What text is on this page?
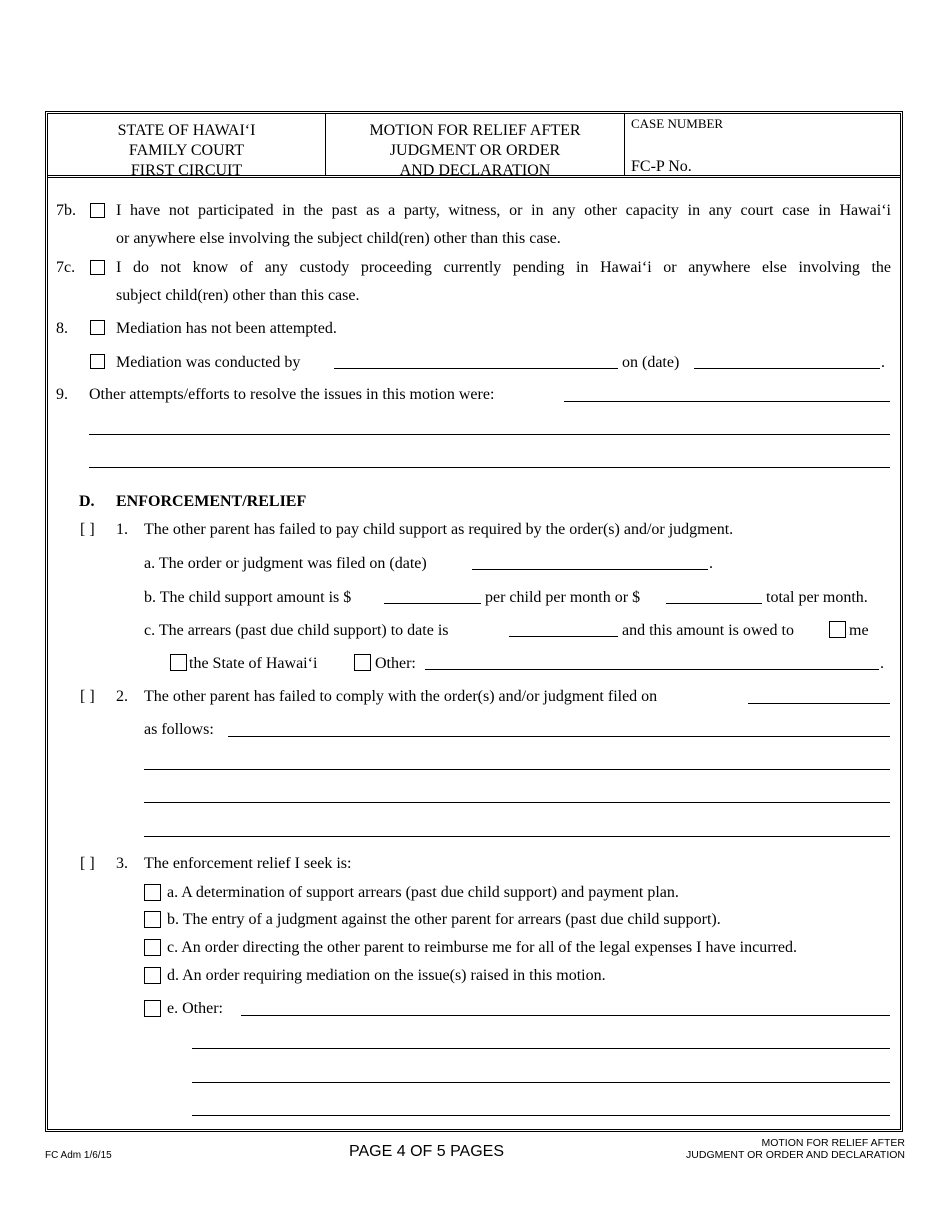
STATE OF HAWAI‘I
FAMILY COURT
FIRST CIRCUIT
MOTION FOR RELIEF AFTER
JUDGMENT OR ORDER
AND DECLARATION
CASE NUMBER
FC-P No.
7b.	I have not participated in the past as a party, witness, or in any other capacity in any court case in Hawai‘i
or anywhere else involving the subject child(ren) other than this case.
7c.	I do not know of any custody proceeding currently pending in Hawai‘i or anywhere else involving the
subject child(ren) other than this case.
8.	Mediation has not been attempted.
Mediation was conducted by	on (date)	.
9. Other attempts/efforts to resolve the issues in this motion were:
D. ENFORCEMENT/RELIEF
[ ] 1. The other parent has failed to pay child support as required by the order(s) and/or judgment.
a. The order or judgment was filed on (date)	.
b. The child support amount is $	per child per month or $	total per month.
c. The arrears (past due child support) to date is	and this amount is owed to	me
the State of Hawai‘i	Other:	.
[ ] 2. The other parent has failed to comply with the order(s) and/or judgment filed on
as follows:
[ ] 3. The enforcement relief I seek is:
a. A determination of support arrears (past due child support) and payment plan.
b. The entry of a judgment against the other parent for arrears (past due child support).
c. An order directing the other parent to reimburse me for all of the legal expenses I have incurred.
d. An order requiring mediation on the issue(s) raised in this motion.
e. Other:
FC Adm 1/6/15	PAGE 4 OF 5 PAGES	MOTION FOR RELIEF AFTER
JUDGMENT OR ORDER AND DECLARATION
